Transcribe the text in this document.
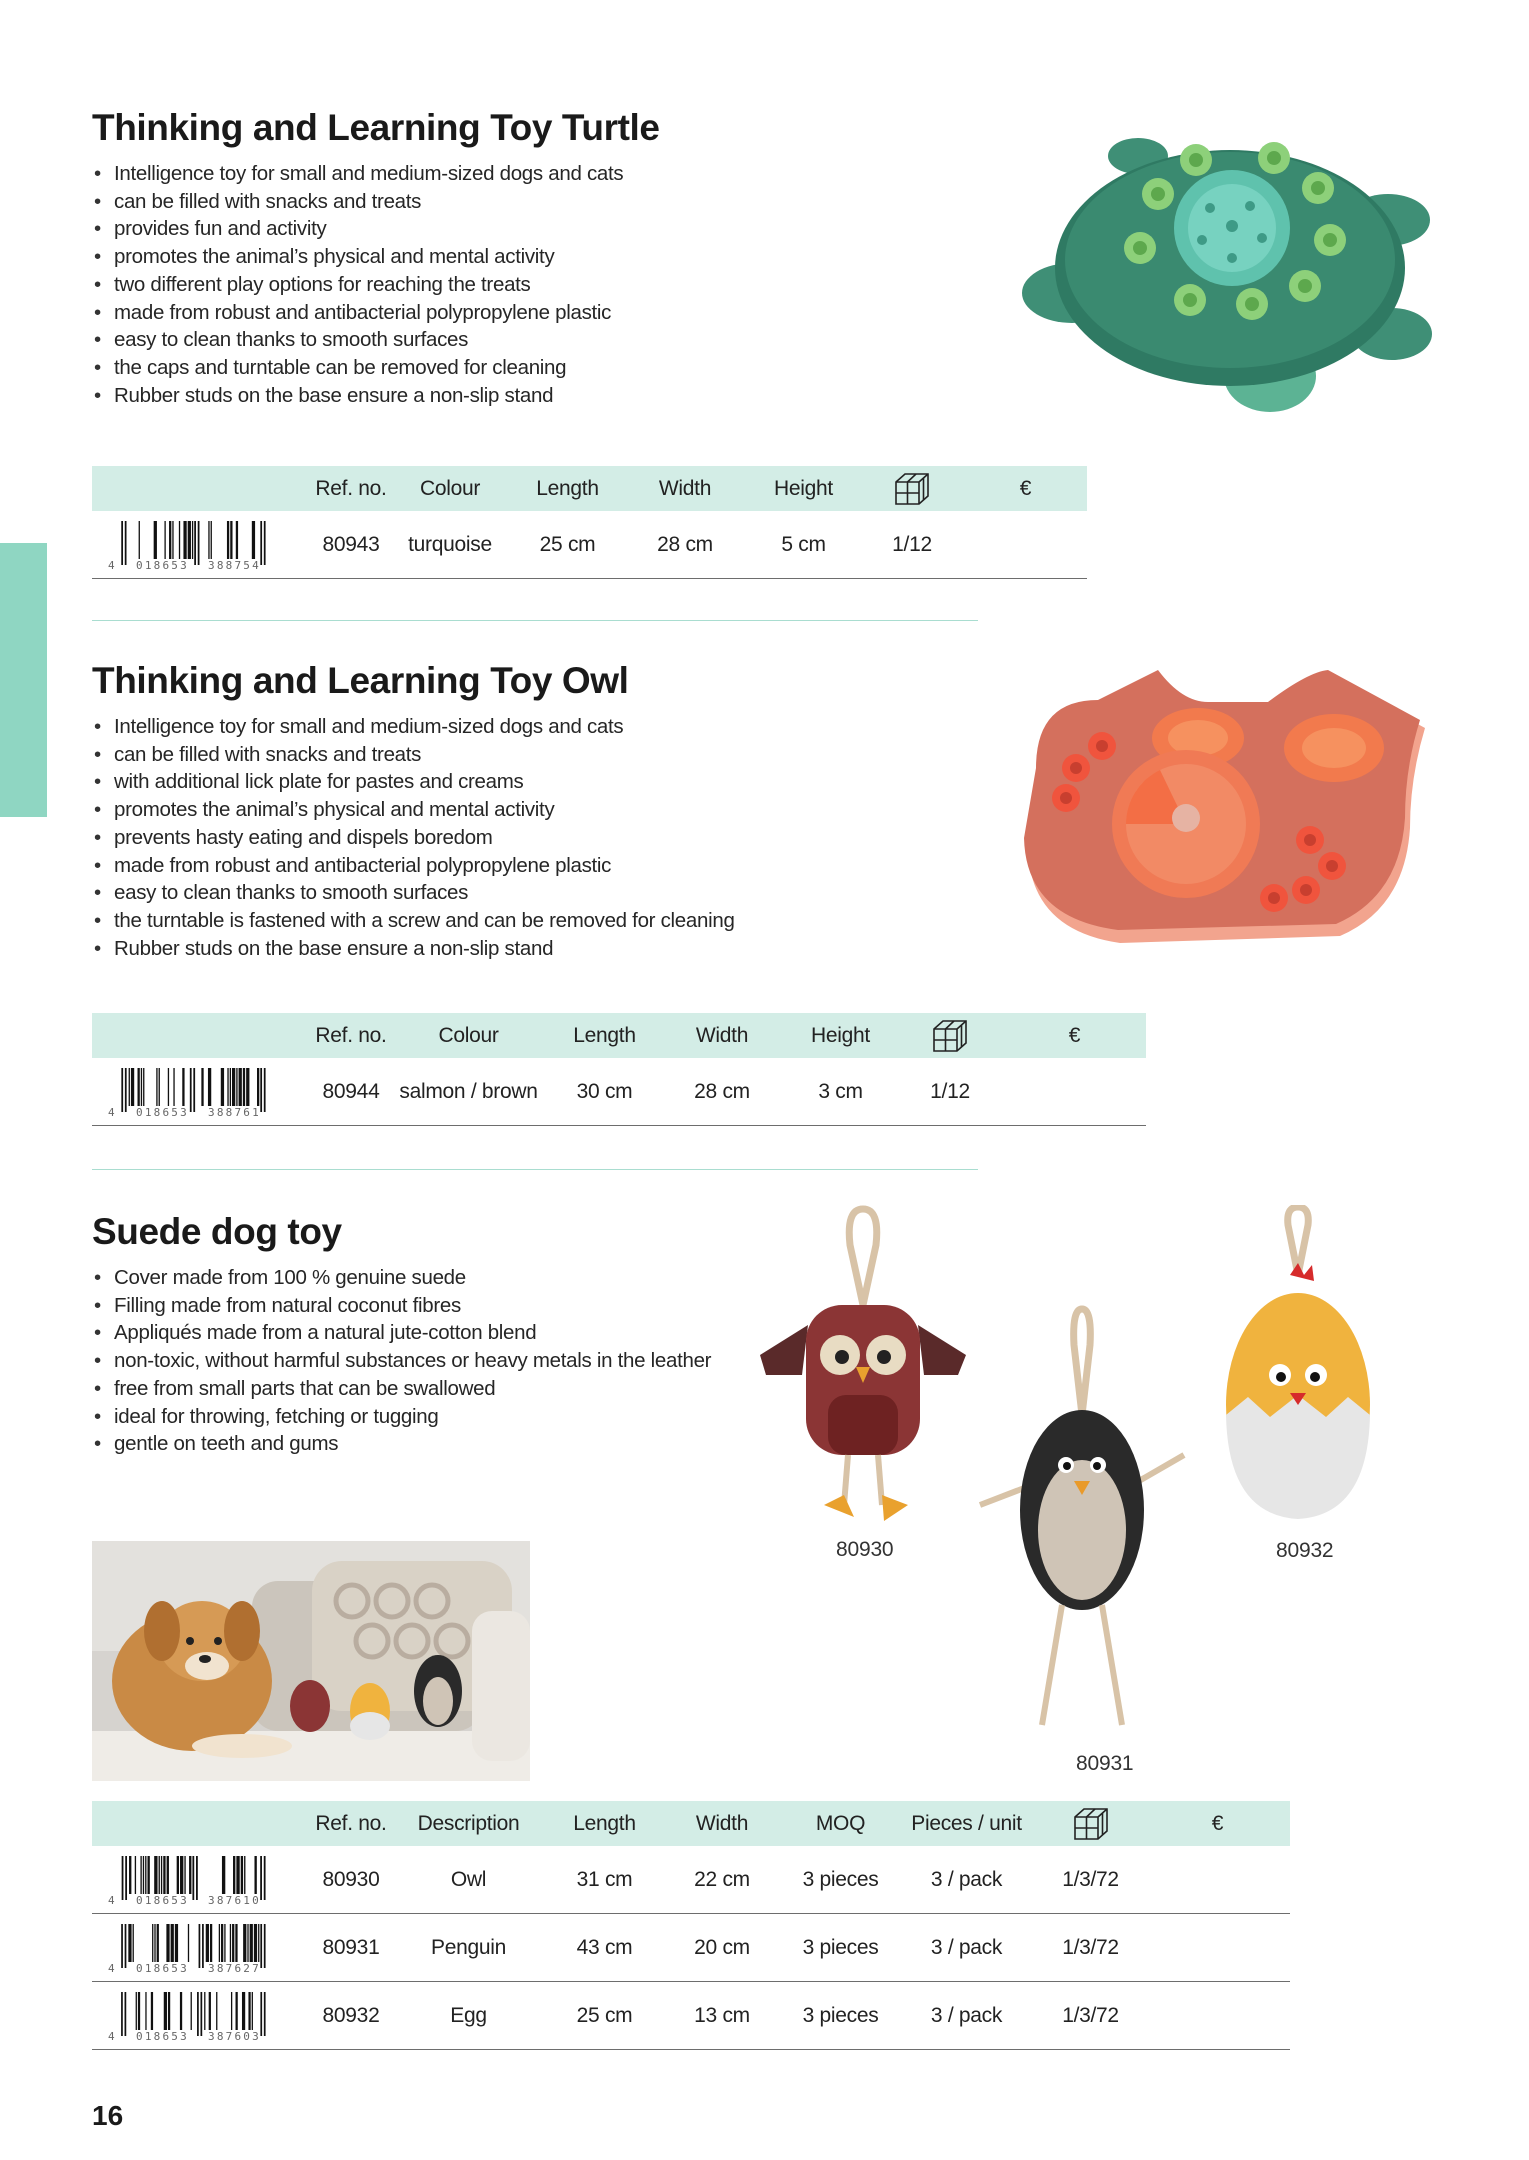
Thinking and Learning Toy Turtle
• Intelligence toy for small and medium-sized dogs and cats
• can be filled with snacks and treats
• provides fun and activity
• promotes the animal’s physical and mental activity
• two different play options for reaching the treats
• made from robust and antibacterial polypropylene plastic
• easy to clean thanks to smooth surfaces
• the caps and turntable can be removed for cleaning
• Rubber studs on the base ensure a non-slip stand
	Ref. no.	Colour	Length	Width	Height		€

4 018653 388754	80943	turquoise	25 cm	28 cm	5 cm	1/12	
Thinking and Learning Toy Owl
• Intelligence toy for small and medium-sized dogs and cats
• can be filled with snacks and treats
• with additional lick plate for pastes and creams
• promotes the animal’s physical and mental activity
• prevents hasty eating and dispels boredom
• made from robust and antibacterial polypropylene plastic
• easy to clean thanks to smooth surfaces
• the turntable is fastened with a screw and can be removed for cleaning
• Rubber studs on the base ensure a non-slip stand
	Ref. no.	Colour	Length	Width	Height		€

4 018653 388761	80944	salmon / brown	30 cm	28 cm	3 cm	1/12	
Suede dog toy
• Cover made from 100 % genuine suede
• Filling made from natural coconut fibres
• Appliqués made from a natural jute-cotton blend
• non-toxic, without harmful substances or heavy metals in the leather
• free from small parts that can be swallowed
• ideal for throwing, fetching or tugging
• gentle on teeth and gums
80930
80931
80932
	Ref. no.	Description	Length	Width	MOQ	Pieces / unit		€

4 018653 387610	80930	Owl	31 cm	22 cm	3 pieces	3 / pack	1/3/72	

4 018653 387627	80931	Penguin	43 cm	20 cm	3 pieces	3 / pack	1/3/72	

4 018653 387603	80932	Egg	25 cm	13 cm	3 pieces	3 / pack	1/3/72	
16
